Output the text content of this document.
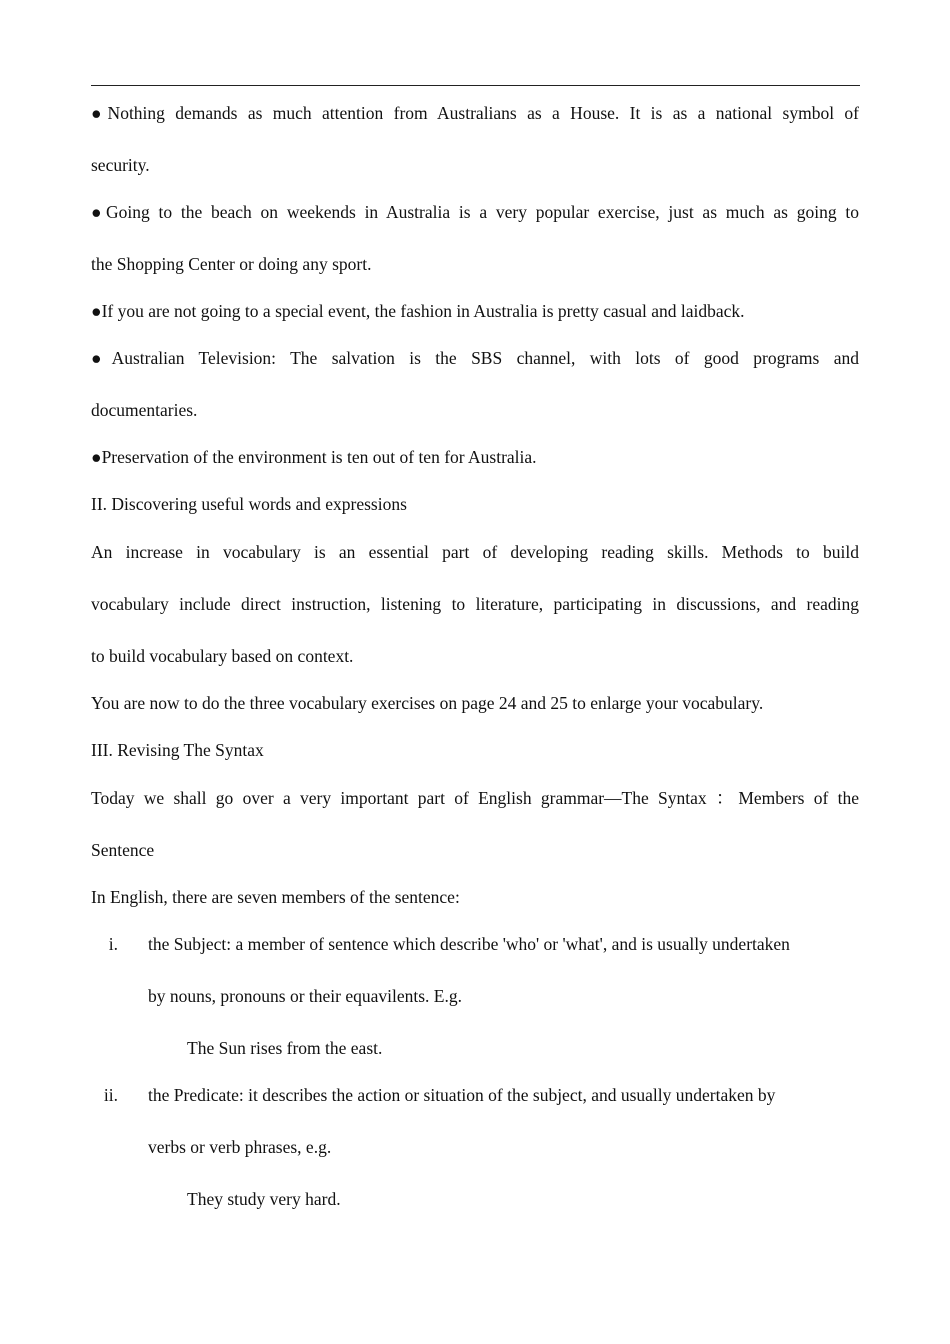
●Nothing demands as much attention from Australians as a House. It is as a national symbol of
security.
●Going to the beach on weekends in Australia is a very popular exercise, just as much as going to
the Shopping Center or doing any sport.
●If you are not going to a special event, the fashion in Australia is pretty casual and laidback.
●Australian Television: The salvation is the SBS channel, with lots of good programs and
documentaries.
●Preservation of the environment is ten out of ten for Australia.
II. Discovering useful words and expressions
An increase in vocabulary is an essential part of developing reading skills. Methods to build
vocabulary include direct instruction, listening to literature, participating in discussions, and reading
to build vocabulary based on context.
You are now to do the three vocabulary exercises on page 24 and 25 to enlarge your vocabulary.
III. Revising The Syntax
Today we shall go over a very important part of English grammar—The Syntax ：Members of the
Sentence
In English, there are seven members of the sentence:
i. the Subject: a member of sentence which describe 'who' or 'what', and is usually undertaken
by nouns, pronouns or their equavilents. E.g.
The Sun rises from the east.
ii. the Predicate: it describes the action or situation of the subject, and usually undertaken by
verbs or verb phrases, e.g.
They study very hard.
